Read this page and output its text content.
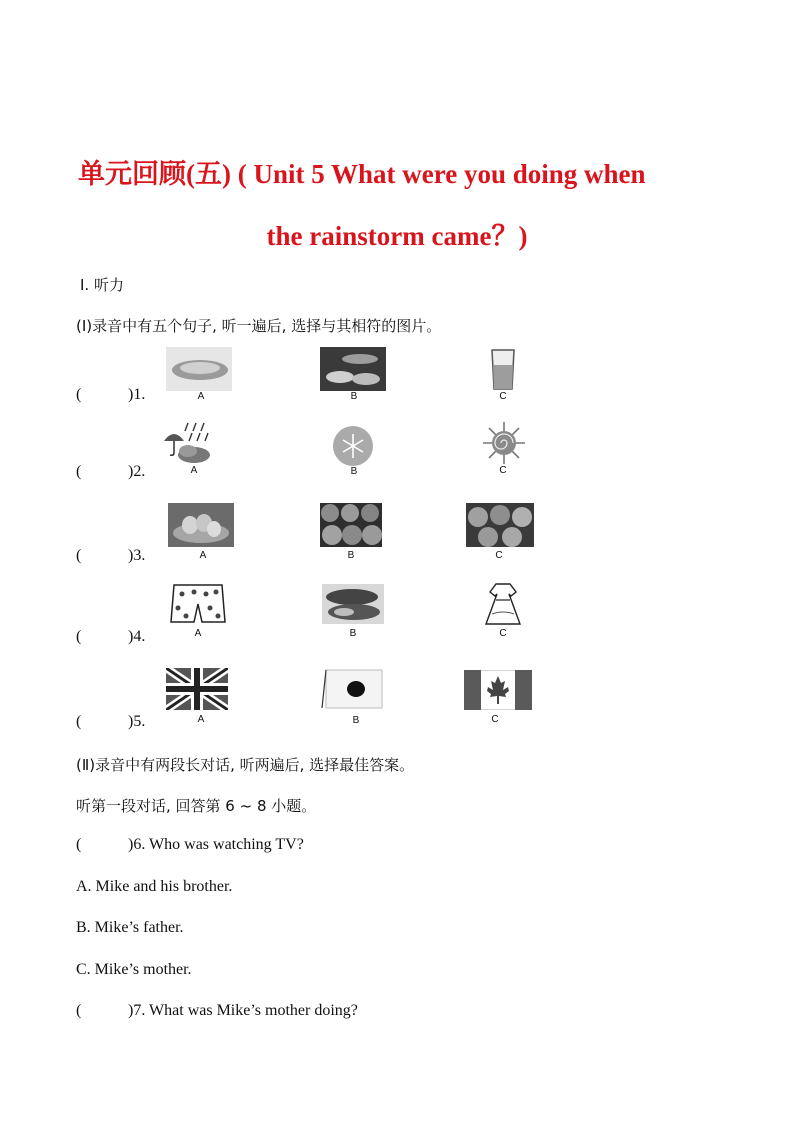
单元回顾(五) ( Unit 5 What were you doing when
the rainstorm came？)
Ⅰ. 听力
(Ⅰ)录音中有五个句子, 听一遍后, 选择与其相符的图片。
(	)1.	A	B	C
(	)2.	A	B	C
(	)3.	A	B	C
(	)4.	A	B	C
(	)5.	A	B	C
(Ⅱ)录音中有两段长对话, 听两遍后, 选择最佳答案。
听第一段对话, 回答第 6 ~ 8 小题。
(	)6. Who was watching TV?
A. Mike and his brother.
B. Mike’s father.
C. Mike’s mother.
(	)7. What was Mike’s mother doing?
